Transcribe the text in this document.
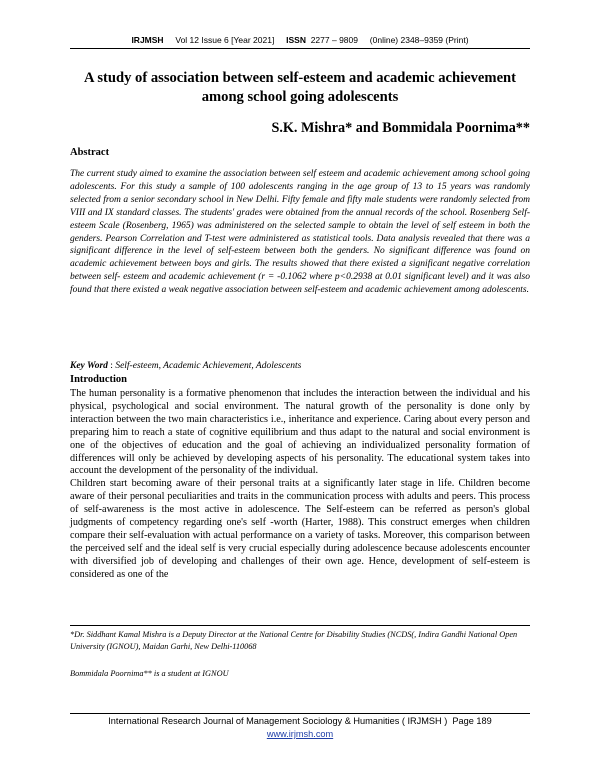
IRJMSH Vol 12 Issue 6 [Year 2021] ISSN 2277 – 9809     (0nline) 2348–9359 (Print)
A study of association between self-esteem and academic achievement among school going adolescents
S.K. Mishra* and Bommidala Poornima**
Abstract

The current study aimed to examine the association between self esteem and academic achievement among school going adolescents. For this study a sample of 100 adolescents ranging in the age group of 13 to 15 years was randomly selected from a senior secondary school in New Delhi. Fifty female and fifty male students were randomly selected from VIII and IX standard classes. The students' grades were obtained from the annual records of the school. Rosenberg Self-esteem Scale (Rosenberg, 1965) was administered on the selected sample to obtain the level of self esteem in both the genders. Pearson Correlation and T-test were administered as statistical tools. Data analysis revealed that there was a significant difference in the level of self-esteem between both the genders. No significant difference was found on academic achievement between boys and girls. The results showed that there existed a significant negative correlation between self- esteem and academic achievement (r = -0.1062 where p<0.2938 at 0.01 significant level) and it was also found that there existed a weak negative association between self-esteem and academic achievement among adolescents.

Key Word : Self-esteem, Academic Achievement, Adolescents
Introduction

The human personality is a formative phenomenon that includes the interaction between the individual and his physical, psychological and social environment. The natural growth of the personality is done only by interaction between the two main characteristics i.e., inheritance and experience. Caring about every person and preparing him to reach a state of cognitive equilibrium and thus adapt to the natural and social environment is one of the objectives of education and the goal of achieving an individualized personality formation of differences will only be achieved by developing aspects of his personality. The educational system takes into account the development of the personality of the individual.

Children start becoming aware of their personal traits at a significantly later stage in life. Children become aware of their personal peculiarities and traits in the communication process with adults and peers. This process of self-awareness is the most active in adolescence. The Self-esteem can be referred as person's global judgments of competency regarding one's self -worth (Harter, 1988). This construct emerges when children compare their self-evaluation with actual performance on a variety of tasks. Moreover, this comparison between the perceived self and the ideal self is very crucial especially during adolescence because adolescents encounter with diversified job of developing and challenges of their own age. Hence, development of self-esteem is considered as one of the

*Dr. Siddhant Kamal Mishra is a Deputy Director at the National Centre for Disability Studies (NCDS(, Indira Gandhi National Open University (IGNOU), Maidan Garhi, New Delhi-110068
Bommidala Poornima** is a student at IGNOU
International Research Journal of Management Sociology & Humanities ( IRJMSH )  Page 189
www.irjmsh.com
